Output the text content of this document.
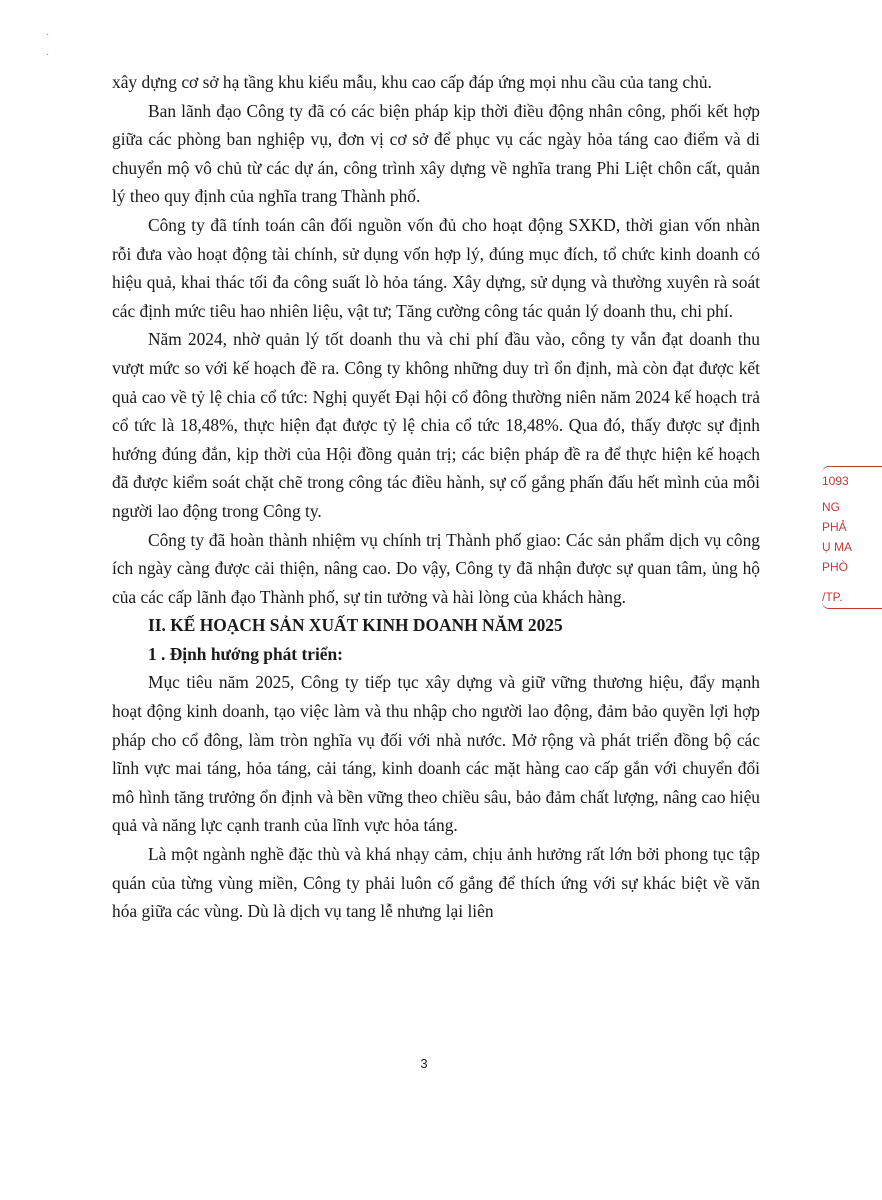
·
·

xây dựng cơ sở hạ tầng khu kiểu mẫu, khu cao cấp đáp ứng mọi nhu cầu của tang chủ.

Ban lãnh đạo Công ty đã có các biện pháp kịp thời điều động nhân công, phối kết hợp giữa các phòng ban nghiệp vụ, đơn vị cơ sở để phục vụ các ngày hỏa táng cao điểm và di chuyển mộ vô chủ từ các dự án, công trình xây dựng về nghĩa trang Phi Liệt chôn cất, quản lý theo quy định của nghĩa trang Thành phố.

Công ty đã tính toán cân đối nguồn vốn đủ cho hoạt động SXKD, thời gian vốn nhàn rỗi đưa vào hoạt động tài chính, sử dụng vốn hợp lý, đúng mục đích, tổ chức kinh doanh có hiệu quả, khai thác tối đa công suất lò hỏa táng. Xây dựng, sử dụng và thường xuyên rà soát các định mức tiêu hao nhiên liệu, vật tư; Tăng cường công tác quản lý doanh thu, chi phí.

Năm 2024, nhờ quản lý tốt doanh thu và chi phí đầu vào, công ty vẫn đạt doanh thu vượt mức so với kế hoạch đề ra. Công ty không những duy trì ổn định, mà còn đạt được kết quả cao về tỷ lệ chia cổ tức: Nghị quyết Đại hội cổ đông thường niên năm 2024 kế hoạch trả cổ tức là 18,48%, thực hiện đạt được tỷ lệ chia cổ tức 18,48%. Qua đó, thấy được sự định hướng đúng đắn, kịp thời của Hội đồng quản trị; các biện pháp đề ra để thực hiện kế hoạch đã được kiểm soát chặt chẽ trong công tác điều hành, sự cố gắng phấn đấu hết mình của mỗi người lao động trong Công ty.

Công ty đã hoàn thành nhiệm vụ chính trị Thành phố giao: Các sản phẩm dịch vụ công ích ngày càng được cải thiện, nâng cao. Do vậy, Công ty đã nhận được sự quan tâm, ủng hộ của các cấp lãnh đạo Thành phố, sự tin tưởng và hài lòng của khách hàng.

II. KẾ HOẠCH SẢN XUẤT KINH DOANH NĂM 2025

1 . Định hướng phát triển:

Mục tiêu năm 2025, Công ty tiếp tục xây dựng và giữ vững thương hiệu, đẩy mạnh hoạt động kinh doanh, tạo việc làm và thu nhập cho người lao động, đảm bảo quyền lợi hợp pháp cho cổ đông, làm tròn nghĩa vụ đối với nhà nước. Mở rộng và phát triển đồng bộ các lĩnh vực mai táng, hỏa táng, cải táng, kinh doanh các mặt hàng cao cấp gắn với chuyển đổi mô hình tăng trưởng ổn định và bền vững theo chiều sâu, bảo đảm chất lượng, nâng cao hiệu quả và năng lực cạnh tranh của lĩnh vực hỏa táng.

Là một ngành nghề đặc thù và khá nhạy cảm, chịu ảnh hưởng rất lớn bởi phong tục tập quán của từng vùng miền, Công ty phải luôn cố gắng để thích ứng với sự khác biệt về văn hóa giữa các vùng. Dù là dịch vụ tang lễ nhưng lại liên

3
1093
NG
PHẢ
Ụ MA
PHÒ
/TP.
